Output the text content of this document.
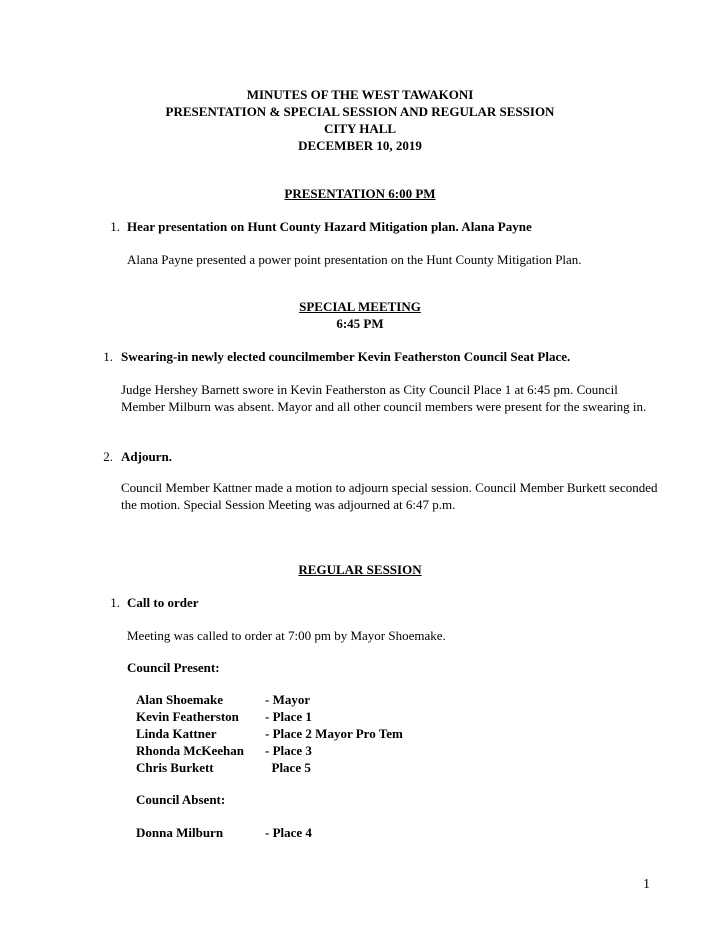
MINUTES OF THE WEST TAWAKONI
PRESENTATION & SPECIAL SESSION AND REGULAR SESSION
CITY HALL
DECEMBER 10, 2019
PRESENTATION 6:00 PM
1. Hear presentation on Hunt County Hazard Mitigation plan. Alana Payne
Alana Payne presented a power point presentation on the Hunt County Mitigation Plan.
SPECIAL MEETING
6:45 PM
1. Swearing-in newly elected councilmember Kevin Featherston Council Seat Place.
Judge Hershey Barnett swore in Kevin Featherston as City Council Place 1 at 6:45 pm. Council Member Milburn was absent. Mayor and all other council members were present for the swearing in.
2. Adjourn.
Council Member Kattner made a motion to adjourn special session. Council Member Burkett seconded the motion. Special Session Meeting was adjourned at 6:47 p.m.
REGULAR SESSION
1. Call to order
Meeting was called to order at 7:00 pm by Mayor Shoemake.
Council Present:
Alan Shoemake	- Mayor
Kevin Featherston - Place 1
Linda Kattner	- Place 2 Mayor Pro Tem
Rhonda McKeehan - Place 3
Chris Burkett	Place 5
Council Absent:
Donna Milburn	- Place 4
1
